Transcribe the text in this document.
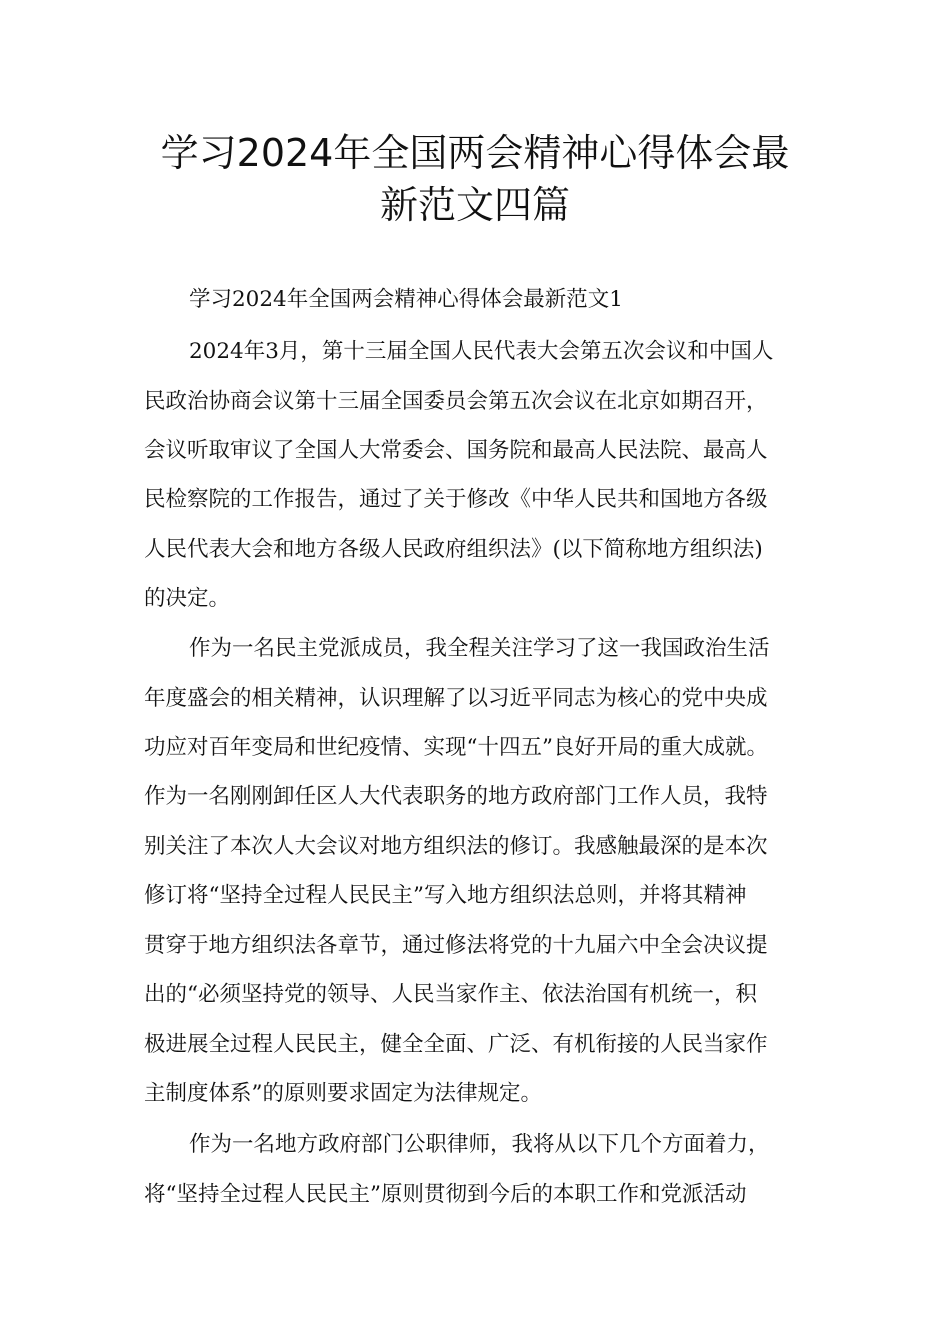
学习2024年全国两会精神心得体会最
新范文四篇
学习2024年全国两会精神心得体会最新范文1
2024年3月，第十三届全国人民代表大会第五次会议和中国人
民政治协商会议第十三届全国委员会第五次会议在北京如期召开，
会议听取审议了全国人大常委会、国务院和最高人民法院、最高人
民检察院的工作报告，通过了关于修改《中华人民共和国地方各级
人民代表大会和地方各级人民政府组织法》(以下简称地方组织法)
的决定。
作为一名民主党派成员，我全程关注学习了这一我国政治生活
年度盛会的相关精神，认识理解了以习近平同志为核心的党中央成
功应对百年变局和世纪疫情、实现“十四五”良好开局的重大成就。
作为一名刚刚卸任区人大代表职务的地方政府部门工作人员，我特
别关注了本次人大会议对地方组织法的修订。我感触最深的是本次
修订将“坚持全过程人民民主”写入地方组织法总则，并将其精神
贯穿于地方组织法各章节，通过修法将党的十九届六中全会决议提
出的“必须坚持党的领导、人民当家作主、依法治国有机统一，积
极进展全过程人民民主，健全全面、广泛、有机衔接的人民当家作
主制度体系”的原则要求固定为法律规定。
作为一名地方政府部门公职律师，我将从以下几个方面着力，
将“坚持全过程人民民主”原则贯彻到今后的本职工作和党派活动
